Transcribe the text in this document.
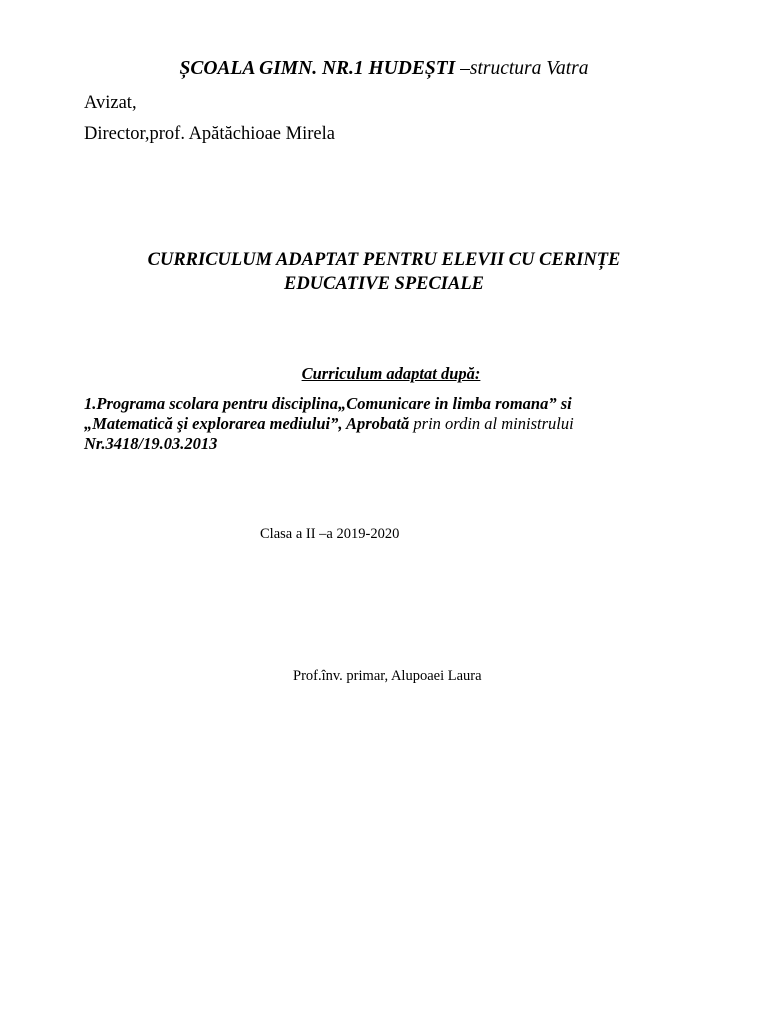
ȘCOALA GIMN. NR.1 HUDEȘTI –structura Vatra
Avizat,
Director,prof. Apătăchioae Mirela
CURRICULUM ADAPTAT PENTRU ELEVII CU CERINȚE
EDUCATIVE SPECIALE
Curriculum adaptat după:
1.Programa scolara pentru disciplina„Comunicare in limba romana” si
„Matematică şi explorarea mediului”, Aprobată prin ordin al ministrului
Nr.3418/19.03.2013
Clasa a II –a 2019-2020
Prof.înv. primar, Alupoaei Laura
